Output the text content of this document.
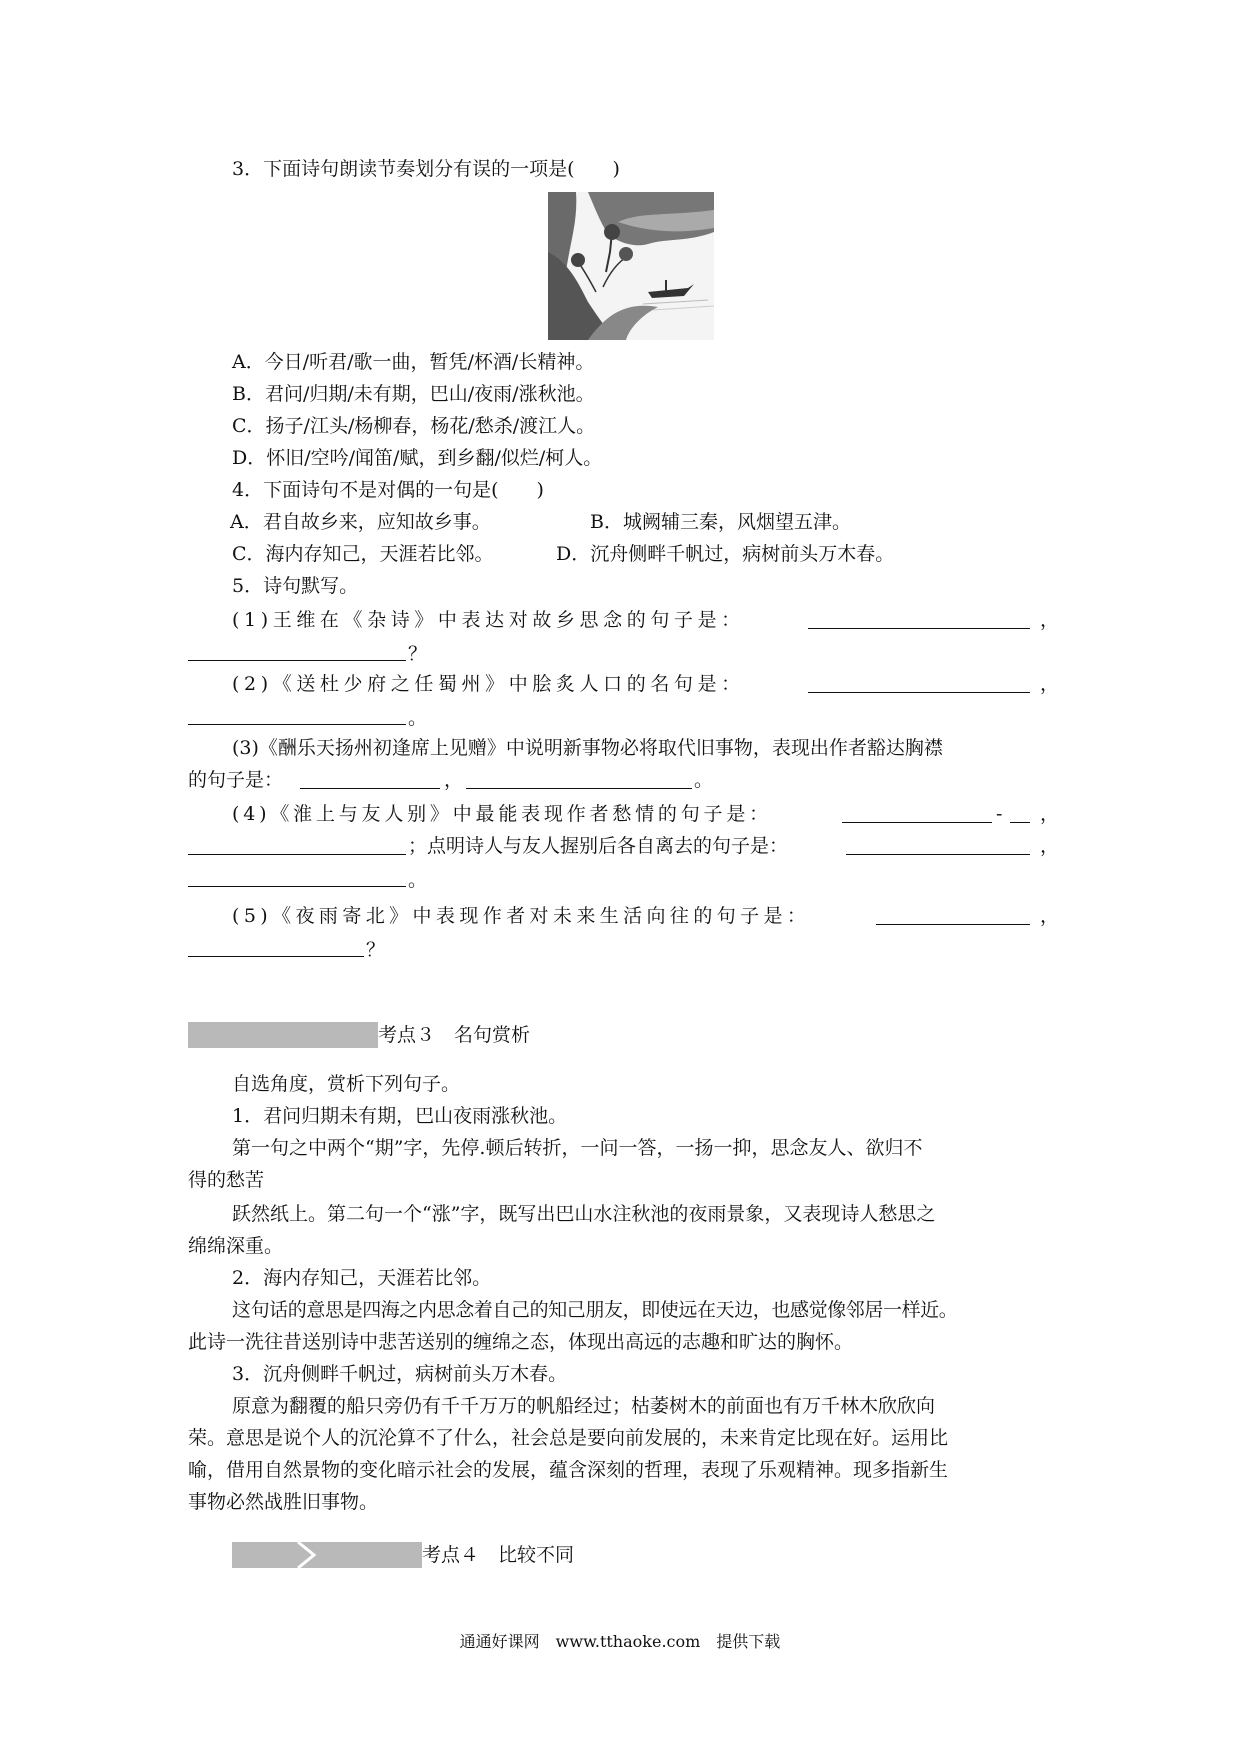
3．下面诗句朗读节奏划分有误的一项是(　　)
A．今日/听君/歌一曲，暂凭/杯酒/长精神。
B．君问/归期/未有期，巴山/夜雨/涨秋池。
C．扬子/江头/杨柳春，杨花/愁杀/渡江人。
D．怀旧/空吟/闻笛/赋，到乡翻/似烂/柯人。
4．下面诗句不是对偶的一句是(　　)
A．君自故乡来，应知故乡事。	B．城阙辅三秦，风烟望五津。
C．海内存知己，天涯若比邻。	D．沉舟侧畔千帆过，病树前头万木春。
5．诗句默写。
(1)王维在《杂诗》中表达对故乡思念的句子是：	，
？
(2)《送杜少府之任蜀州》中脍炙人口的名句是：	，
。
(3)《酬乐天扬州初逢席上见赠》中说明新事物必将取代旧事物，表现出作者豁达胸襟
的句子是：	，	。
(4)《淮上与友人别》中最能表现作者愁情的句子是：	- ，
；点明诗人与友人握别后各自离去的句子是：	，
。
(5)《夜雨寄北》中表现作者对未来生活向往的句子是：	，
？
考点３　名句赏析
自选角度，赏析下列句子。
1．君问归期未有期，巴山夜雨涨秋池。
第一句之中两个“期”字，先停.顿后转折，一问一答，一扬一抑，思念友人、欲归不
得的愁苦
跃然纸上。第二句一个“涨”字，既写出巴山水注秋池的夜雨景象，又表现诗人愁思之
绵绵深重。
2．海内存知己，天涯若比邻。
这句话的意思是四海之内思念着自己的知己朋友，即使远在天边，也感觉像邻居一样近。
此诗一洗往昔送别诗中悲苦送别的缠绵之态，体现出高远的志趣和旷达的胸怀。
3．沉舟侧畔千帆过，病树前头万木春。
原意为翻覆的船只旁仍有千千万万的帆船经过；枯萎树木的前面也有万千林木欣欣向
荣。意思是说个人的沉沦算不了什么，社会总是要向前发展的，未来肯定比现在好。运用比
喻，借用自然景物的变化暗示社会的发展，蕴含深刻的哲理，表现了乐观精神。现多指新生
事物必然战胜旧事物。
考点４　比较不同
通通好课网　www.tthaoke.com　提供下载
